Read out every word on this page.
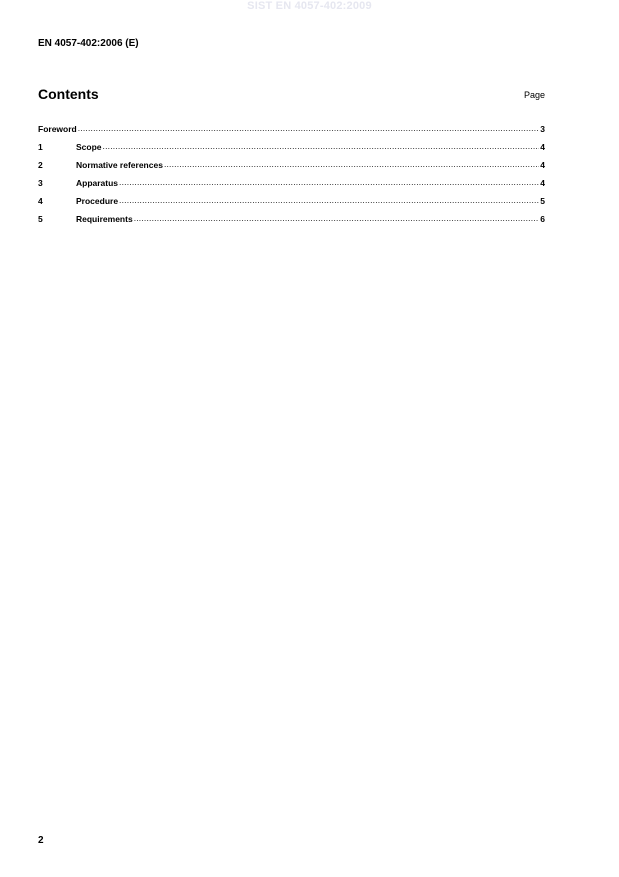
SIST EN 4057-402:2009
EN 4057-402:2006 (E)
Contents	Page
Foreword .....	3
1	Scope .....	4
2	Normative references .....	4
3	Apparatus .....	4
4	Procedure .....	5
5	Requirements .....	6
2
